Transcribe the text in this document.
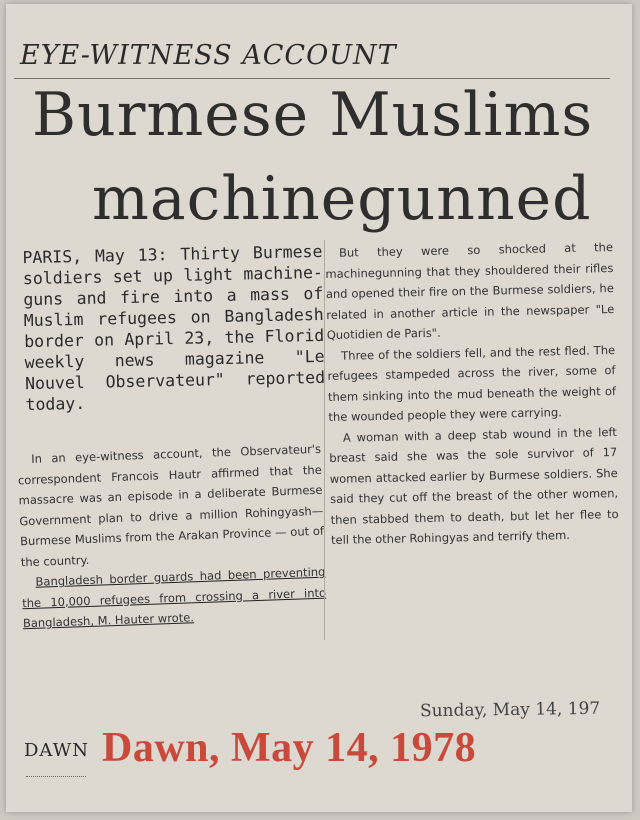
EYE-WITNESS ACCOUNT
Burmese Muslims
machinegunned

PARIS, May 13: Thirty Burmese soldiers set up light machine-guns and fire into a mass of Muslim refugees on Bangladesh border on April 23, the Florid weekly news magazine "Le Nouvel Observateur" reported today.

In an eye-witness account, the Observateur's correspondent Francois Hautr affirmed that the massacre was an episode in a deliberate Burmese Government plan to drive a million Rohingyash—Burmese Muslims from the Arakan Province — out of the country.

Bangladesh border guards had been preventing the 10,000 refugees from crossing a river into Bangladesh, M. Hauter wrote.

But they were so shocked at the machinegunning that they shouldered their rifles and opened their fire on the Burmese soldiers, he related in another article in the newspaper "Le Quotidien de Paris".

Three of the soldiers fell, and the rest fled. The refugees stampeded across the river, some of them sinking into the mud beneath the weight of the wounded people they were carrying.

A woman with a deep stab wound in the left breast said she was the sole survivor of 17 women attacked earlier by Burmese soldiers. She said they cut off the breast of the other women, then stabbed them to death, but let her flee to tell the other Rohingyas and terrify them.

Sunday, May 14, 197
DAWN Dawn, May 14, 1978
